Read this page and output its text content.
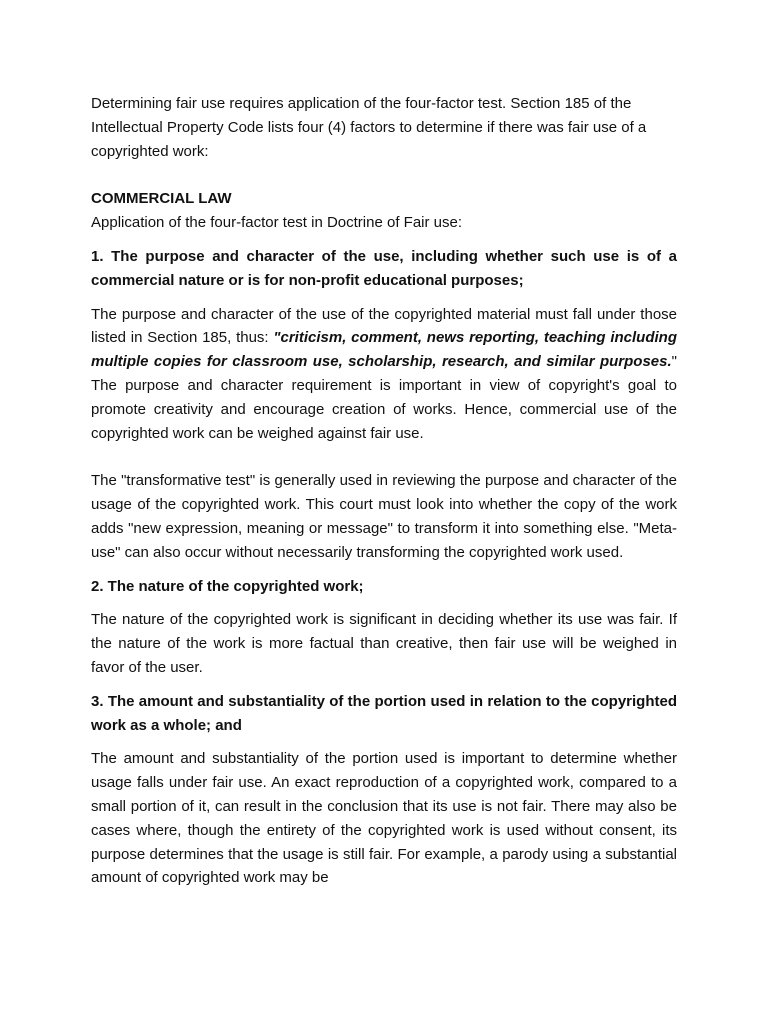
Determining fair use requires application of the four-factor test. Section 185 of the Intellectual Property Code lists four (4) factors to determine if there was fair use of a copyrighted work:

COMMERCIAL LAW

Application of the four-factor test in Doctrine of Fair use:

1. The purpose and character of the use, including whether such use is of a commercial nature or is for non-profit educational purposes;

The purpose and character of the use of the copyrighted material must fall under those listed in Section 185, thus: "criticism, comment, news reporting, teaching including multiple copies for classroom use, scholarship, research, and similar purposes." The purpose and character requirement is important in view of copyright's goal to promote creativity and encourage creation of works. Hence, commercial use of the copyrighted work can be weighed against fair use.

The "transformative test" is generally used in reviewing the purpose and character of the usage of the copyrighted work. This court must look into whether the copy of the work adds "new expression, meaning or message" to transform it into something else. "Meta-use" can also occur without necessarily transforming the copyrighted work used.

2. The nature of the copyrighted work;

The nature of the copyrighted work is significant in deciding whether its use was fair. If the nature of the work is more factual than creative, then fair use will be weighed in favor of the user.

3. The amount and substantiality of the portion used in relation to the copyrighted work as a whole; and

The amount and substantiality of the portion used is important to determine whether usage falls under fair use. An exact reproduction of a copyrighted work, compared to a small portion of it, can result in the conclusion that its use is not fair. There may also be cases where, though the entirety of the copyrighted work is used without consent, its purpose determines that the usage is still fair. For example, a parody using a substantial amount of copyrighted work may be
